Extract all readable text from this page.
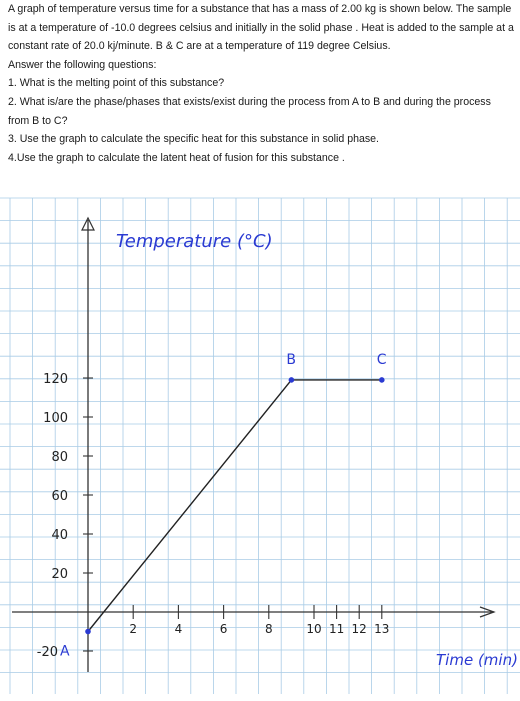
A graph of temperature versus time for a substance that has a mass of 2.00 kg is shown below. The sample is at a temperature of -10.0 degrees celsius and initially in the solid phase . Heat is added to the sample at a constant rate of 20.0 kj/minute. B & C are at a temperature of 119 degree Celsius.

Answer the following questions:

1. What is the melting point of this substance?

2. What is/are the phase/phases that exists/exist during the process from A to B and during the process from B to C?

3. Use the graph to calculate the specific heat for this substance in solid phase.

4.Use the graph to calculate the latent heat of fusion for this substance .

120
100
80
60
40
20
-20
2	4	6	8	10 11 12 13
Temperature (°C)
Time (min)
A
B	C
